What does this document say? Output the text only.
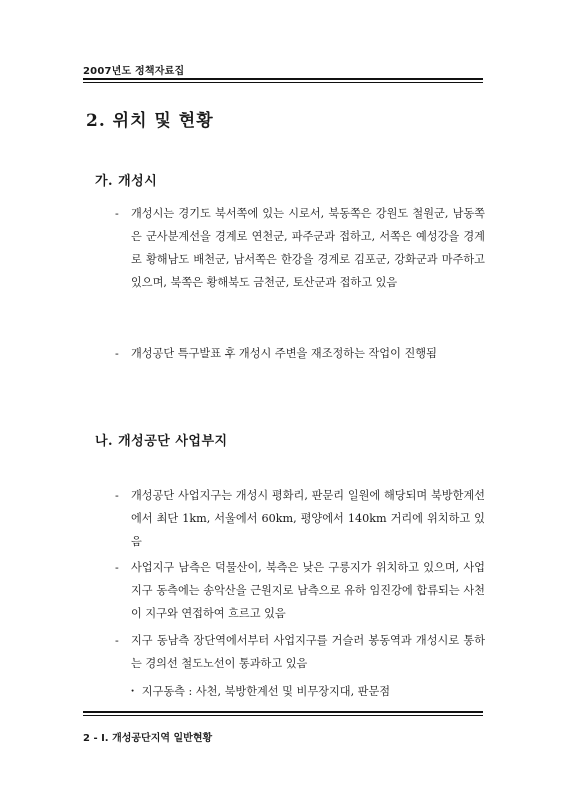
2007년도 정책자료집
2. 위치 및 현황
가. 개성시
- 개성시는 경기도 북서쪽에 있는 시로서, 북동쪽은 강원도 철원군, 남동쪽은 군사분계선을 경계로 연천군, 파주군과 접하고, 서쪽은 예성강을 경계로 황해남도 배천군, 남서쪽은 한강을 경계로 김포군, 강화군과 마주하고 있으며, 북쪽은 황해북도 금천군, 토산군과 접하고 있음
- 개성공단 특구발표 후 개성시 주변을 재조정하는 작업이 진행됨
나. 개성공단 사업부지
- 개성공단 사업지구는 개성시 평화리, 판문리 일원에 해당되며 북방한계선에서 최단 1km, 서울에서 60km, 평양에서 140km 거리에 위치하고 있음
- 사업지구 남측은 덕물산이, 북측은 낮은 구릉지가 위치하고 있으며, 사업지구 동측에는 송악산을 근원지로 남측으로 유하 임진강에 합류되는 사천이 지구와 연접하여 흐르고 있음
- 지구 동남측 장단역에서부터 사업지구를 거슬러 봉동역과 개성시로 통하는 경의선 철도노선이 통과하고 있음
・ 지구동측 : 사천, 북방한계선 및 비무장지대, 판문점
2 - Ⅰ. 개성공단지역 일반현황
